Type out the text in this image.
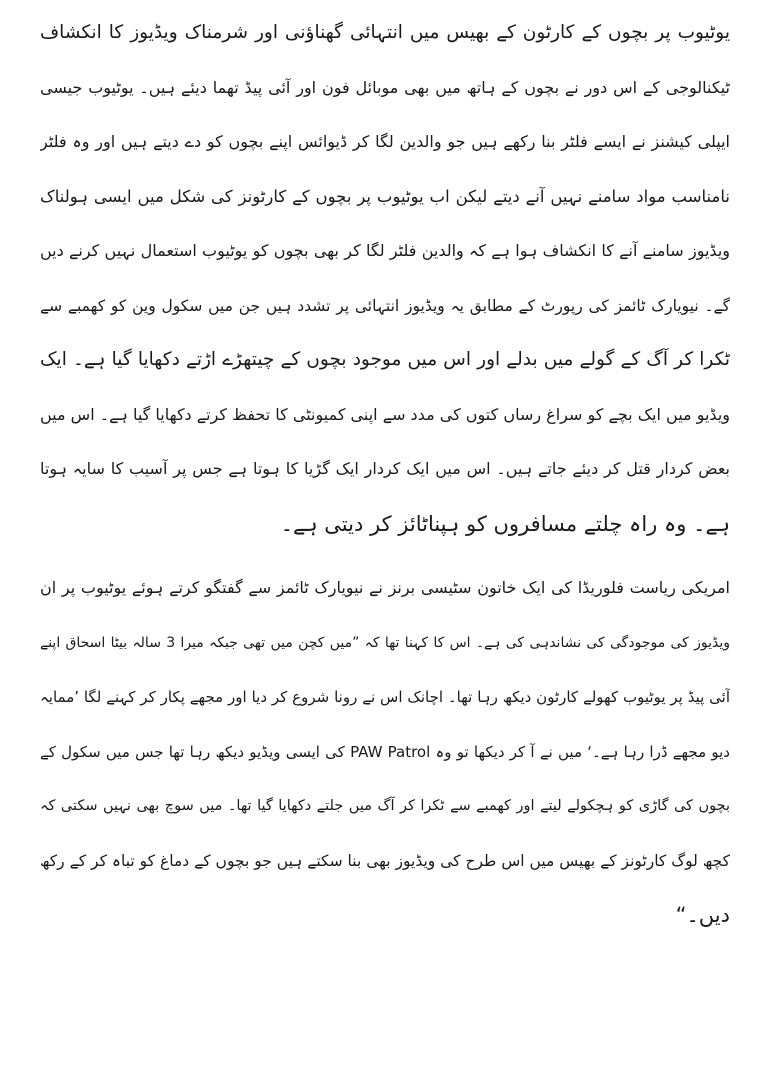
یوٹیوب پر بچوں کے کارٹون کے بھیس میں انتہائی گھناؤنی اور شرمناک ویڈیوز کا انکشاف
ٹیکنالوجی کے اس دور نے بچوں کے ہاتھ میں بھی موبائل فون اور آئی پیڈ تھما دیئے ہیں۔ یوٹیوب جیسی
ایپلی کیشنز نے ایسے فلٹر بنا رکھے ہیں جو والدین لگا کر ڈیوائس اپنے بچوں کو دے دیتے ہیں اور وہ فلٹر
نامناسب مواد سامنے نہیں آنے دیتے لیکن اب یوٹیوب پر بچوں کے کارٹونز کی شکل میں ایسی ہولناک
ویڈیوز سامنے آنے کا انکشاف ہوا ہے کہ والدین فلٹر لگا کر بھی بچوں کو یوٹیوب استعمال نہیں کرنے دیں
گے۔ نیویارک ٹائمز کی رپورٹ کے مطابق یہ ویڈیوز انتہائی پر تشدد ہیں جن میں سکول وین کو کھمبے سے
ٹکرا کر آگ کے گولے میں بدلے اور اس میں موجود بچوں کے چیتھڑے اڑتے دکھایا گیا ہے۔ ایک
ویڈیو میں ایک بچے کو سراغ رساں کتوں کی مدد سے اپنی کمیونٹی کا تحفظ کرتے دکھایا گیا ہے۔ اس میں
بعض کردار قتل کر دیئے جاتے ہیں۔ اس میں ایک کردار ایک گڑیا کا ہوتا ہے جس پر آسیب کا سایہ ہوتا
ہے۔ وہ راہ چلتے مسافروں کو ہپناٹائز کر دیتی ہے۔
امریکی ریاست فلوریڈا کی ایک خاتون سٹیسی برنز نے نیویارک ٹائمز سے گفتگو کرتے ہوئے یوٹیوب پر ان
ویڈیوز کی موجودگی کی نشاندہی کی ہے۔ اس کا کہنا تھا کہ ”میں کچن میں تھی جبکہ میرا 3 سالہ بیٹا اسحاق اپنے
آئی پیڈ پر یوٹیوب کھولے کارٹون دیکھ رہا تھا۔ اچانک اس نے رونا شروع کر دیا اور مجھے پکار کر کہنے لگا ’ممایہ
دیو مجھے ڈرا رہا ہے۔‘ میں نے آ کر دیکھا تو وہ PAW Patrol کی ایسی ویڈیو دیکھ رہا تھا جس میں سکول کے
بچوں کی گاڑی کو ہچکولے لیتے اور کھمبے سے ٹکرا کر آگ میں جلتے دکھایا گیا تھا۔ میں سوچ بھی نہیں سکتی کہ
کچھ لوگ کارٹونز کے بھیس میں اس طرح کی ویڈیوز بھی بنا سکتے ہیں جو بچوں کے دماغ کو تباہ کر کے رکھ
دیں۔“
